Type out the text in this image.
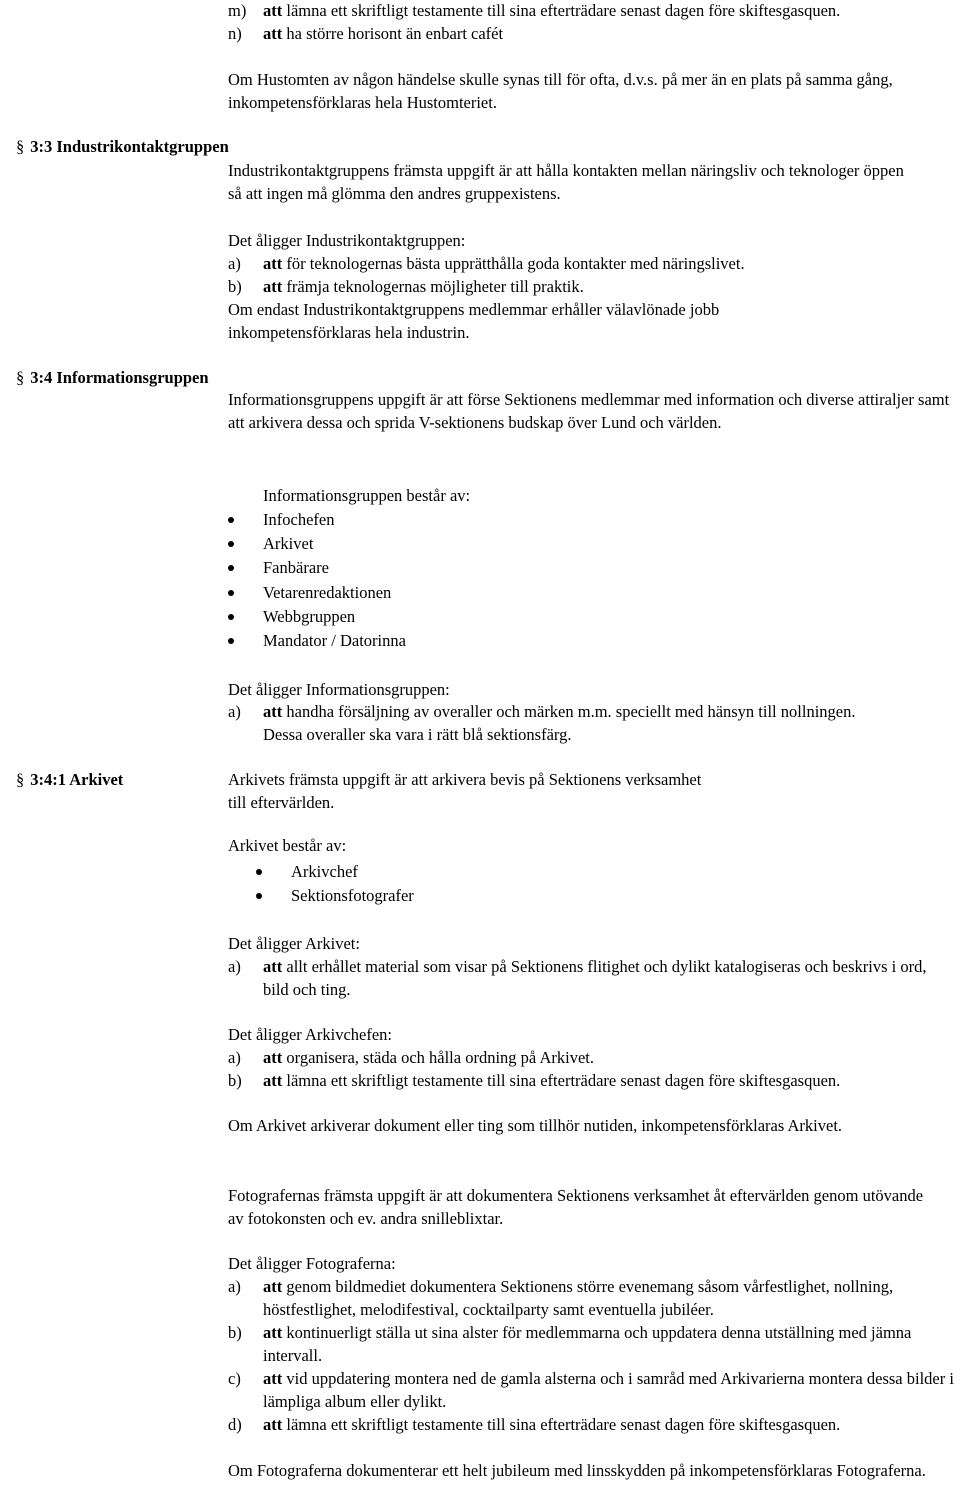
m) att lämna ett skriftligt testamente till sina efterträdare senast dagen före skiftesgasquen.
n) att ha större horisont än enbart cafét

Om Hustomten av någon händelse skulle synas till för ofta, d.v.s. på mer än en plats på samma gång, inkompetensförklaras hela Hustomteriet.

§ 3:3 Industrikontaktgruppen

Industrikontaktgruppens främsta uppgift är att hålla kontakten mellan näringsliv och teknologer öppen så att ingen må glömma den andres gruppexistens.

Det åligger Industrikontaktgruppen:

a) att för teknologernas bästa upprätthålla goda kontakter med näringslivet.
b) att främja teknologernas möjligheter till praktik.

Om endast Industrikontaktgruppens medlemmar erhåller välavlönade jobb inkompetensförklaras hela industrin.

§ 3:4 Informationsgruppen

Informationsgruppens uppgift är att förse Sektionens medlemmar med information och diverse attiraljer samt att arkivera dessa och sprida V-sektionens budskap över Lund och världen.

Informationsgruppen består av:

Infochefen
Arkivet
Fanbärare
Vetarenredaktionen
Webbgruppen
Mandator / Datorinna

Det åligger Informationsgruppen:

a) att handha försäljning av overaller och märken m.m. speciellt med hänsyn till nollningen. Dessa overaller ska vara i rätt blå sektionsfärg.
§ 3:4:1 Arkivet	Arkivets främsta uppgift är att arkivera bevis på Sektionens verksamhet till eftervärlden.

Arkivet består av:

Arkivchef
Sektionsfotografer

Det åligger Arkivet:

a) att allt erhållet material som visar på Sektionens flitighet och dylikt katalogiseras och beskrivs i ord, bild och ting.

Det åligger Arkivchefen:

a) att organisera, städa och hålla ordning på Arkivet.
b) att lämna ett skriftligt testamente till sina efterträdare senast dagen före skiftesgasquen.

Om Arkivet arkiverar dokument eller ting som tillhör nutiden, inkompetensförklaras Arkivet.

Fotografernas främsta uppgift är att dokumentera Sektionens verksamhet åt eftervärlden genom utövande av fotokonsten och ev. andra snilleblixtar.

Det åligger Fotograferna:

a) att genom bildmediet dokumentera Sektionens större evenemang såsom vårfestlighet, nollning, höstfestlighet, melodifestival, cocktailparty samt eventuella jubiléer.
b) att kontinuerligt ställa ut sina alster för medlemmarna och uppdatera denna utställning med jämna intervall.
c) att vid uppdatering montera ned de gamla alsterna och i samråd med Arkivarierna montera dessa bilder i lämpliga album eller dylikt.
d) att lämna ett skriftligt testamente till sina efterträdare senast dagen före skiftesgasquen.

Om Fotograferna dokumenterar ett helt jubileum med linsskydden på inkompetensförklaras Fotograferna.
